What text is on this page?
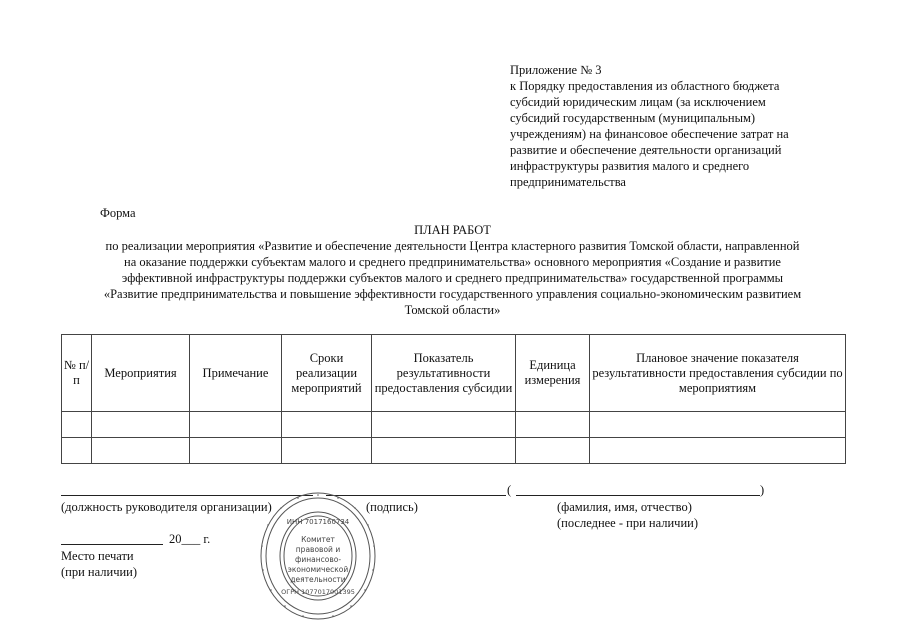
Приложение № 3
к Порядку предоставления из областного бюджета
субсидий юридическим лицам (за исключением
субсидий государственным (муниципальным)
учреждениям) на финансовое обеспечение затрат на
развитие и обеспечение деятельности организаций
инфраструктуры развития малого и среднего
предпринимательства
Форма
ПЛАН РАБОТ
по реализации мероприятия «Развитие и обеспечение деятельности Центра кластерного развития Томской области, направленной
на оказание поддержки субъектам малого и среднего предпринимательства» основного мероприятия «Создание и развитие
эффективной инфраструктуры поддержки субъектов малого и среднего предпринимательства» государственной программы
«Развитие предпринимательства и повышение эффективности государственного управления социально-экономическим развитием
Томской области»
№ п/п	Мероприятия	Примечание	Сроки реализации мероприятий	Показатель результативности предоставления субсидии	Единица измерения	Плановое значение показателя результативности предоставления субсидии по мероприятиям

(	)
(должность руководителя организации)	(подпись)	(фамилия, имя, отчество)
(последнее - при наличии)
20___ г.
Место печати
(при наличии)
ИНН 7017160734
Комитет
правовой и
финансово-
экономической
деятельности
ОГРН 1077017001395
